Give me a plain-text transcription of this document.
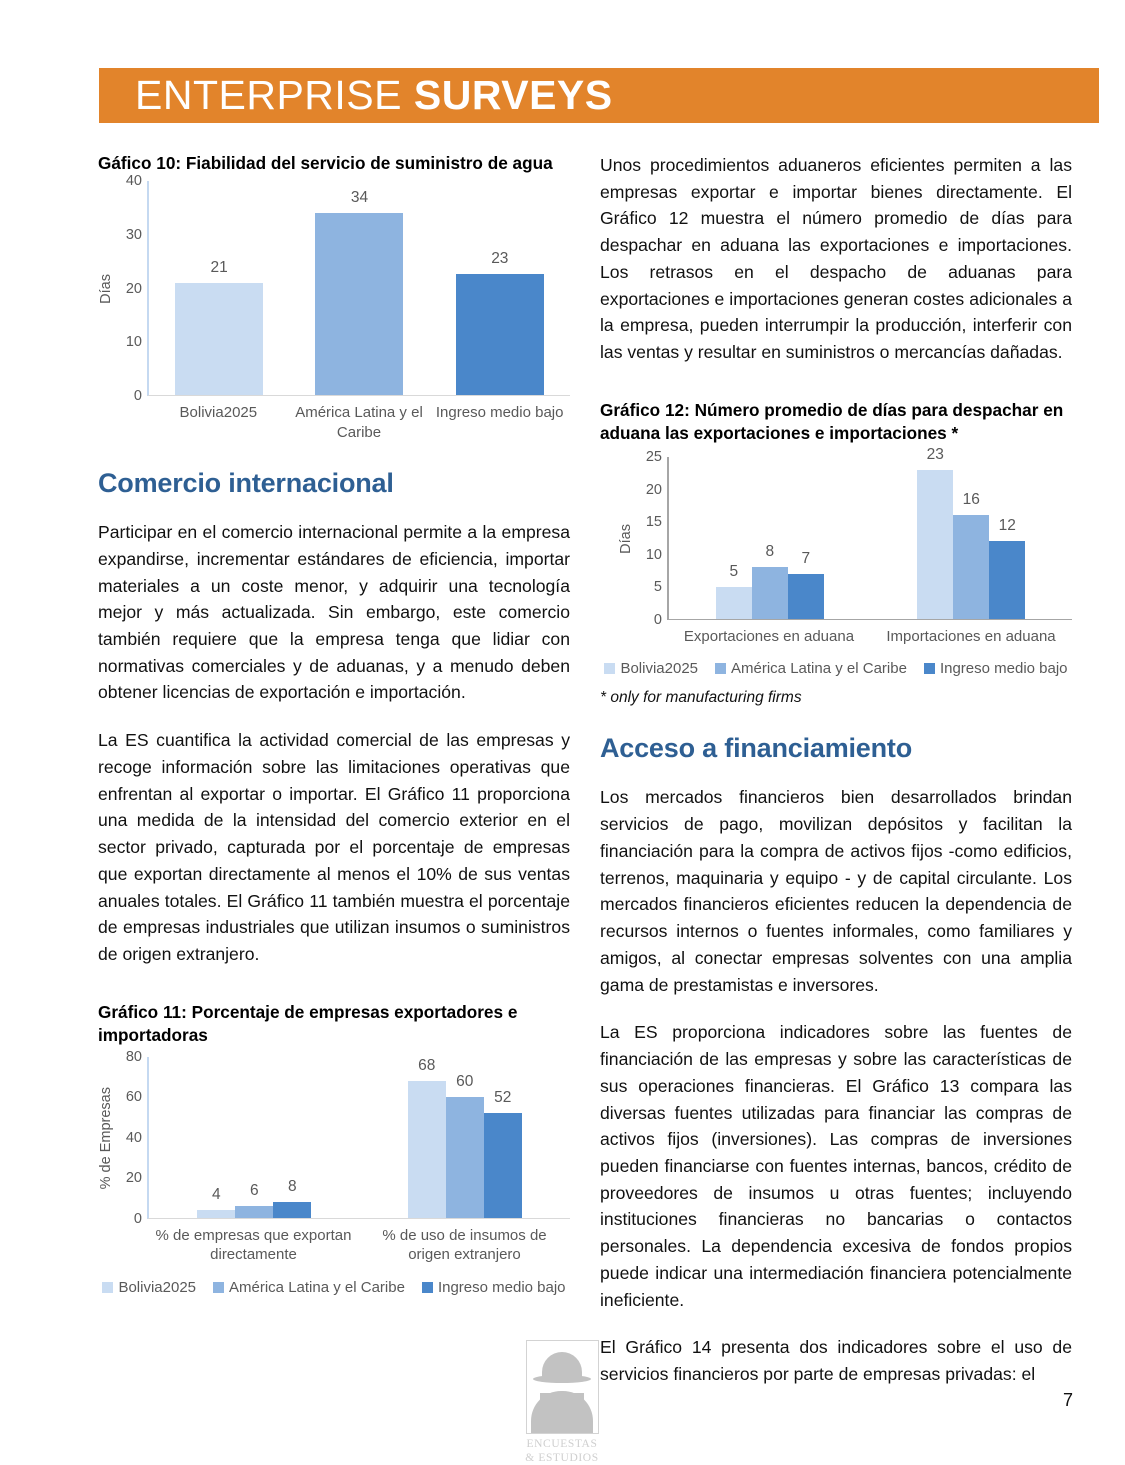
ENTERPRISE SURVEYS
Gáfico 10: Fiabilidad del servicio de suministro de agua
Días
40
30
20
10
0
21
34
23
Bolivia2025	América Latina y el Caribe
Ingreso medio bajo
Comercio internacional

Participar en el comercio internacional permite a la empresa expandirse, incrementar estándares de eficiencia, importar materiales a un coste menor, y adquirir una tecnología mejor y más actualizada. Sin embargo, este comercio también requiere que la empresa tenga que lidiar con normativas comerciales y de aduanas, y a menudo deben obtener licencias de exportación e importación.

La ES cuantifica la actividad comercial de las empresas y recoge información sobre las limitaciones operativas que enfrentan al exportar o importar. El Gráfico 11 proporciona una medida de la intensidad del comercio exterior en el sector privado, capturada por el porcentaje de empresas que exportan directamente al menos el 10% de sus ventas anuales totales. El Gráfico 11 también muestra el porcentaje de empresas industriales que utilizan insumos o suministros de origen extranjero.

Gráfico 11: Porcentaje de empresas exportadores e importadoras
% de Empresas
80
60
40
20
0
4 6 8
68
60
52
% de empresas que exportan directamente
% de uso de insumos de origen extranjero
Bolivia2025 América Latina y el Caribe Ingreso medio bajo

Unos procedimientos aduaneros eficientes permiten a las empresas exportar e importar bienes directamente. El Gráfico 12 muestra el número promedio de días para despachar en aduana las exportaciones e importaciones. Los retrasos en el despacho de aduanas para exportaciones e importaciones generan costes adicionales a la empresa, pueden interrumpir la producción, interferir con las ventas y resultar en suministros o mercancías dañadas.

Gráfico 12: Número promedio de días para despachar en aduana las exportaciones e importaciones *
Días
25
20
15
10
5
0
5
8 7
23
16
12
Exportaciones en aduana	Importaciones en aduana
Bolivia2025 América Latina y el Caribe Ingreso medio bajo
* only for manufacturing firms
Acceso a financiamiento

Los mercados financieros bien desarrollados brindan servicios de pago, movilizan depósitos y facilitan la financiación para la compra de activos fijos -como edificios, terrenos, maquinaria y equipo - y de capital circulante. Los mercados financieros eficientes reducen la dependencia de recursos internos o fuentes informales, como familiares y amigos, al conectar empresas solventes con una amplia gama de prestamistas e inversores.

La ES proporciona indicadores sobre las fuentes de financiación de las empresas y sobre las características de sus operaciones financieras. El Gráfico 13 compara las diversas fuentes utilizadas para financiar las compras de activos fijos (inversiones). Las compras de inversiones pueden financiarse con fuentes internas, bancos, crédito de proveedores de insumos u otras fuentes; incluyendo instituciones financieras no bancarias o contactos personales. La dependencia excesiva de fondos propios puede indicar una intermediación financiera potencialmente ineficiente.

El Gráfico 14 presenta dos indicadores sobre el uso de servicios financieros por parte de empresas privadas: el

ENCUESTAS
& ESTUDIOS
7
